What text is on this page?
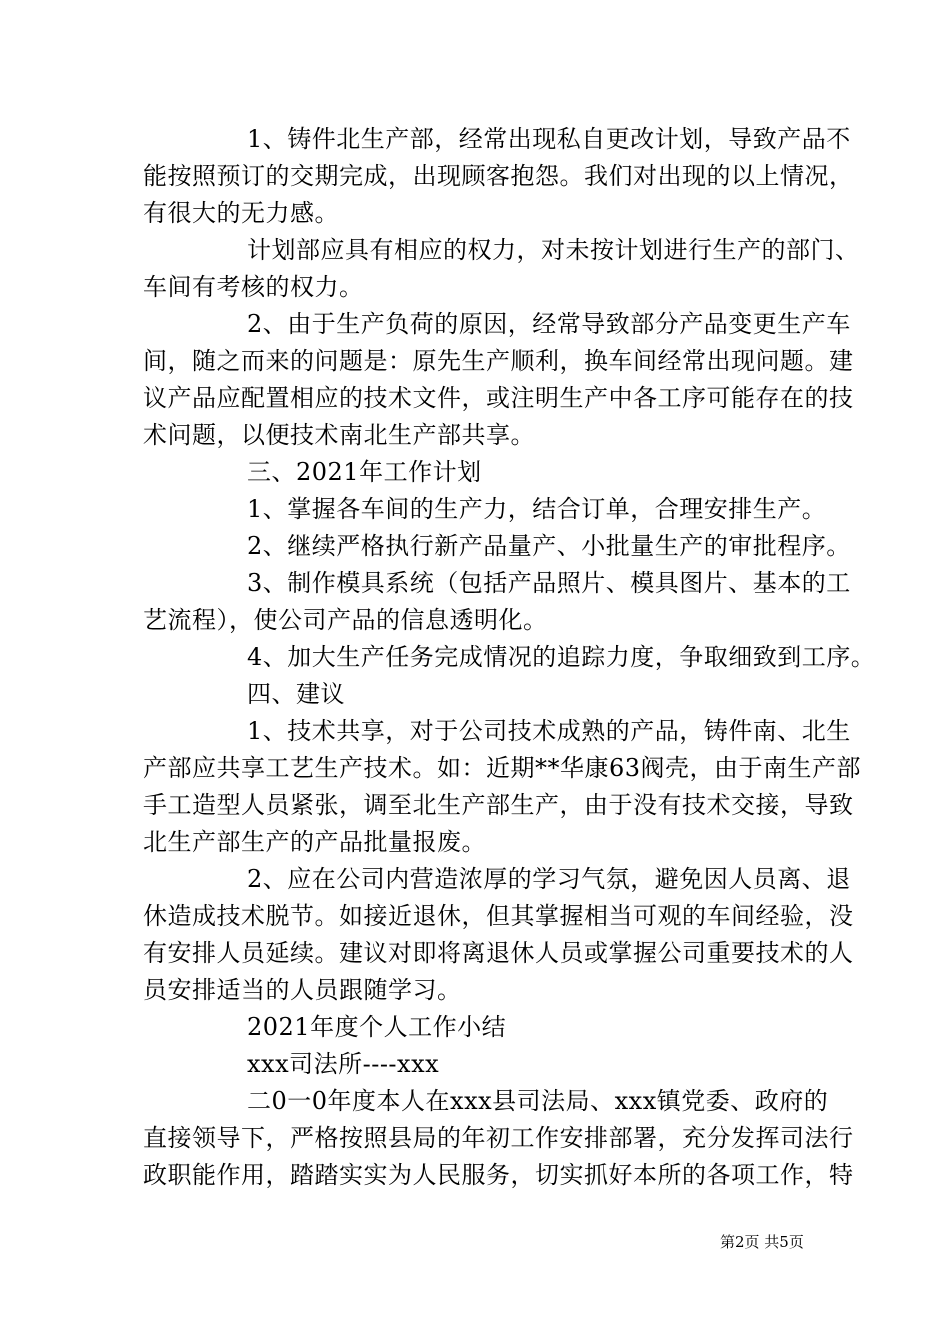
1、铸件北生产部，经常出现私自更改计划，导致产品不
能按照预订的交期完成，出现顾客抱怨。我们对出现的以上情况，
有很大的无力感。
计划部应具有相应的权力，对未按计划进行生产的部门、
车间有考核的权力。
2、由于生产负荷的原因，经常导致部分产品变更生产车
间，随之而来的问题是：原先生产顺利，换车间经常出现问题。建
议产品应配置相应的技术文件，或注明生产中各工序可能存在的技
术问题，以便技术南北生产部共享。
三、2021年工作计划
1、掌握各车间的生产力，结合订单，合理安排生产。
2、继续严格执行新产品量产、小批量生产的审批程序。
3、制作模具系统（包括产品照片、模具图片、基本的工
艺流程），使公司产品的信息透明化。
4、加大生产任务完成情况的追踪力度，争取细致到工序。
四、建议
1、技术共享，对于公司技术成熟的产品，铸件南、北生
产部应共享工艺生产技术。如：近期**华康63阀壳，由于南生产部
手工造型人员紧张，调至北生产部生产，由于没有技术交接，导致
北生产部生产的产品批量报废。
2、应在公司内营造浓厚的学习气氛，避免因人员离、退
休造成技术脱节。如接近退休，但其掌握相当可观的车间经验，没
有安排人员延续。建议对即将离退休人员或掌握公司重要技术的人
员安排适当的人员跟随学习。
2021年度个人工作小结
xxx司法所----xxx
二0一0年度本人在xxx县司法局、xxx镇党委、政府的
直接领导下，严格按照县局的年初工作安排部署，充分发挥司法行
政职能作用，踏踏实实为人民服务，切实抓好本所的各项工作，特
第2页 共5页
